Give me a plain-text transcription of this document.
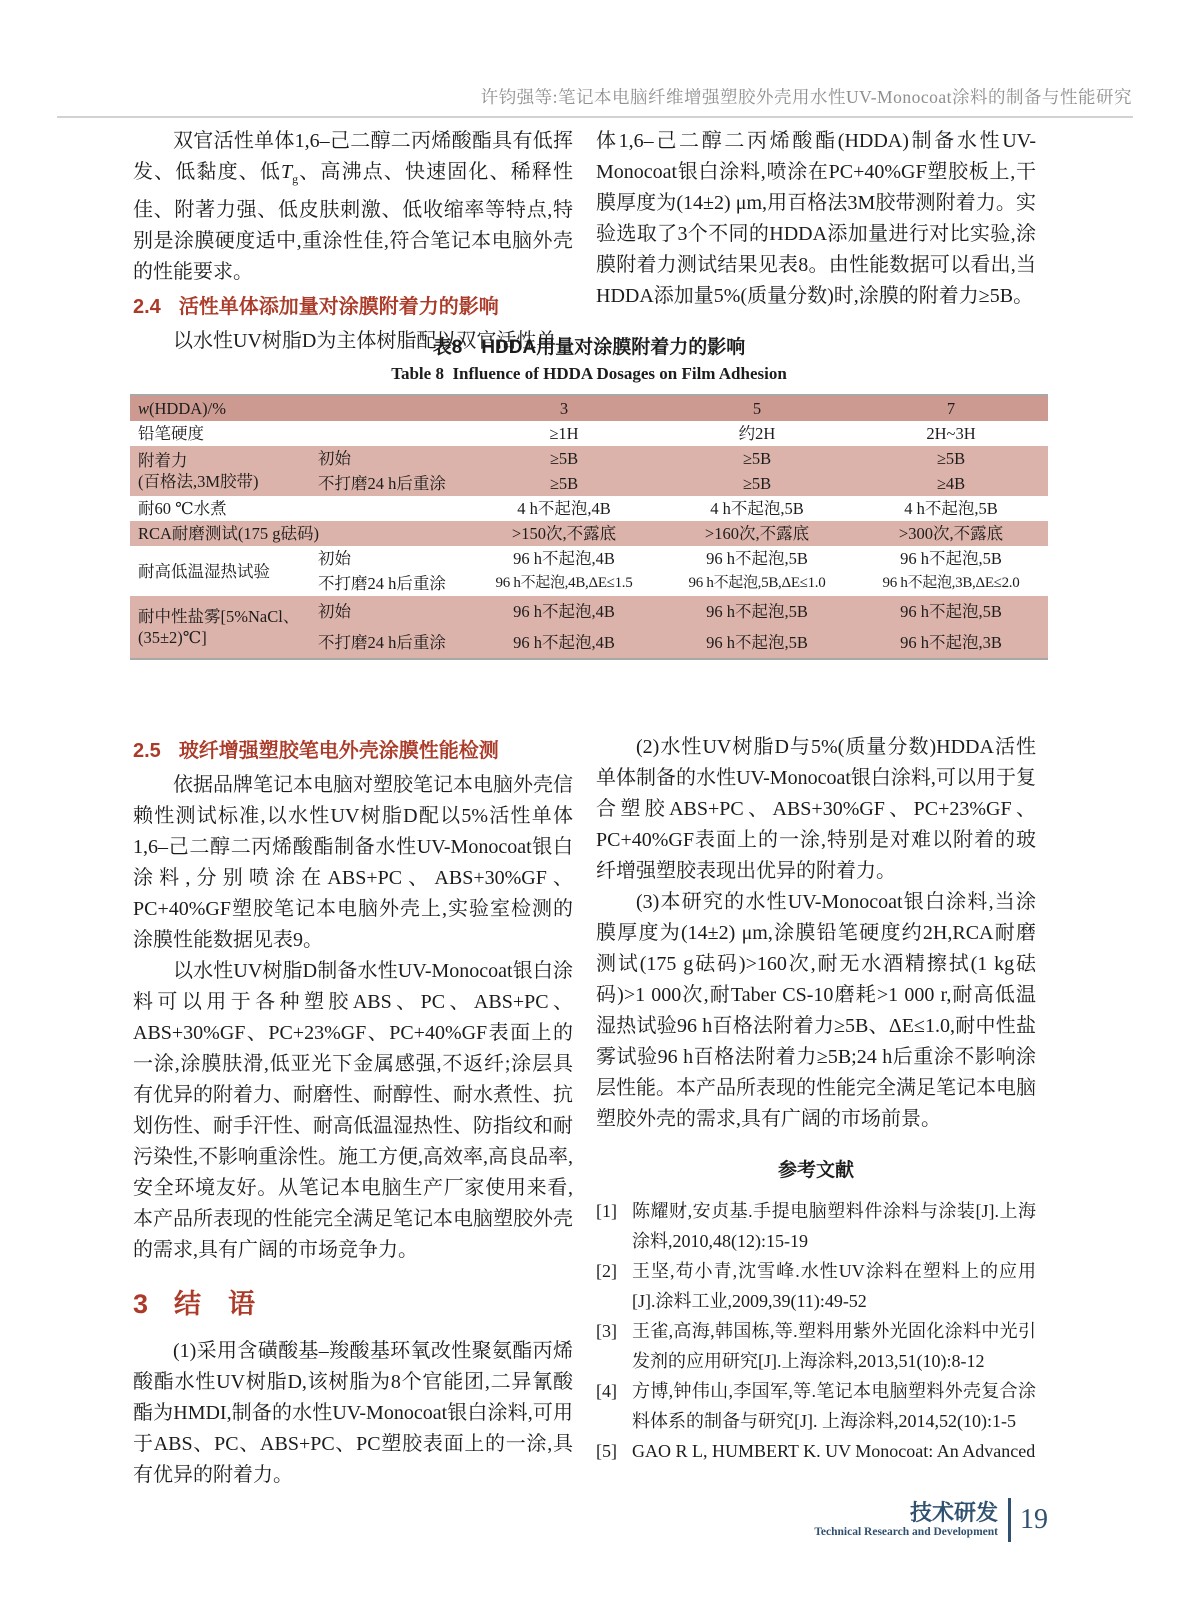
许钧强等:笔记本电脑纤维增强塑胶外壳用水性UV-Monocoat涂料的制备与性能研究

双官活性单体1,6–己二醇二丙烯酸酯具有低挥发、低黏度、低$T_g$、高沸点、快速固化、稀释性佳、附著力强、低皮肤刺激、低收缩率等特点,特别是涂膜硬度适中,重涂性佳,符合笔记本电脑外壳的性能要求。

2.4 活性单体添加量对涂膜附着力的影响

以水性UV树脂D为主体树脂配以双官活性单

体1,6–己二醇二丙烯酸酯(HDDA)制备水性UV-Monocoat银白涂料,喷涂在PC+40%GF塑胶板上,干膜厚度为(14±2) μm,用百格法3M胶带测附着力。实验选取了3个不同的HDDA添加量进行对比实验,涂膜附着力测试结果见表8。由性能数据可以看出,当HDDA添加量5%(质量分数)时,涂膜的附着力≥5B。

表8　HDDA用量对涂膜附着力的影响
Table 8  Influence of HDDA Dosages on Film Adhesion
w(HDDA)/%		3	5	7
铅笔硬度		≥1H	约2H	2H~3H

附着力
(百格法,3M胶带)	初始	≥5B	≥5B	≥5B
	不打磨24 h后重涂	≥5B	≥5B	≥4B
耐60 ℃水煮		4 h不起泡,4B	4 h不起泡,5B	4 h不起泡,5B
RCA耐磨测试(175 g砝码)		>150次,不露底	>160次,不露底	>300次,不露底
耐高低温湿热试验	初始	96 h不起泡,4B	96 h不起泡,5B	96 h不起泡,5B
	不打磨24 h后重涂	96 h不起泡,4B,ΔE≤1.5	96 h不起泡,5B,ΔE≤1.0	96 h不起泡,3B,ΔE≤2.0

耐中性盐雾[5%NaCl、
(35±2)℃]	初始	96 h不起泡,4B	96 h不起泡,5B	96 h不起泡,5B
	不打磨24 h后重涂	96 h不起泡,4B	96 h不起泡,5B	96 h不起泡,3B
2.5 玻纤增强塑胶笔电外壳涂膜性能检测

依据品牌笔记本电脑对塑胶笔记本电脑外壳信赖性测试标准,以水性UV树脂D配以5%活性单体1,6–己二醇二丙烯酸酯制备水性UV-Monocoat银白涂料,分别喷涂在ABS+PC、ABS+30%GF、PC+40%GF塑胶笔记本电脑外壳上,实验室检测的涂膜性能数据见表9。

以水性UV树脂D制备水性UV-Monocoat银白涂料可以用于各种塑胶ABS、PC、ABS+PC、ABS+30%GF、PC+23%GF、PC+40%GF表面上的一涂,涂膜肤滑,低亚光下金属感强,不返纤;涂层具有优异的附着力、耐磨性、耐醇性、耐水煮性、抗划伤性、耐手汗性、耐高低温湿热性、防指纹和耐污染性,不影响重涂性。施工方便,高效率,高良品率,安全环境友好。从笔记本电脑生产厂家使用来看,本产品所表现的性能完全满足笔记本电脑塑胶外壳的需求,具有广阔的市场竞争力。

3 结　语

(1)采用含磺酸基–羧酸基环氧改性聚氨酯丙烯酸酯水性UV树脂D,该树脂为8个官能团,二异氰酸酯为HMDI,制备的水性UV-Monocoat银白涂料,可用于ABS、PC、ABS+PC、PC塑胶表面上的一涂,具有优异的附着力。

(2)水性UV树脂D与5%(质量分数)HDDA活性单体制备的水性UV-Monocoat银白涂料,可以用于复合塑胶ABS+PC、ABS+30%GF、PC+23%GF、PC+40%GF表面上的一涂,特别是对难以附着的玻纤增强塑胶表现出优异的附着力。

(3)本研究的水性UV-Monocoat银白涂料,当涂膜厚度为(14±2) μm,涂膜铅笔硬度约2H,RCA耐磨测试(175 g砝码)>160次,耐无水酒精擦拭(1 kg砝码)>1 000次,耐Taber CS-10磨耗>1 000 r,耐高低温湿热试验96 h百格法附着力≥5B、ΔE≤1.0,耐中性盐雾试验96 h百格法附着力≥5B;24 h后重涂不影响涂层性能。本产品所表现的性能完全满足笔记本电脑塑胶外壳的需求,具有广阔的市场前景。

参考文献
[1] 陈耀财,安贞基.手提电脑塑料件涂料与涂装[J].上海涂料,2010,48(12):15-19
[2] 王坚,苟小青,沈雪峰.水性UV涂料在塑料上的应用[J].涂料工业,2009,39(11):49-52
[3] 王雀,高海,韩国栋,等.塑料用紫外光固化涂料中光引发剂的应用研究[J].上海涂料,2013,51(10):8-12
[4] 方博,钟伟山,李国军,等.笔记本电脑塑料外壳复合涂料体系的制备与研究[J]. 上海涂料,2014,52(10):1-5
[5] GAO R L, HUMBERT K. UV Monocoat: An Advanced
技术研发
Technical Research and Development 19
